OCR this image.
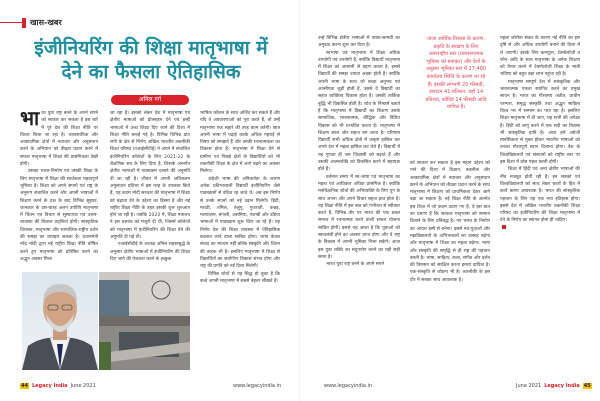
खास-खबर
इंजीनियरिंग की शिक्षा मातृभाषा में
देने का फैसला ऐतिहासिक
अनिल गर्ग
भा रत युवा राष्ट्र बनने के अपने सपने को साकार कर सकता है इस बारे में पूरे देश की शिक्षा नीति पर विचार किया जा रहा है। व्यावसायिक और आकादमिक क्षेत्रों में नवाचार और अनुसंधान करने के अभियान को तीव्रता प्रदान करने में सफल मातृभाषा में शिक्षा की प्रासंगिकता देखी होगी।

उसका भारत-निर्माण एवं उसकी शिक्षा के लिए मातृभाषा में शिक्षा की सार्थकता महत्वपूर्ण भूमिका है। शिक्षा को अपने सपनों एवं राष्ट्र के अनुरूप संचालित करने और अपनी भाषाओं में शिक्षण करने के प्रश्न के बाद विभिन्न सुझाव, जानकार के दस-बारह अलग उपोत्पि मातृभाषा में चिंतन एवं विचार से सुस्थापक एवं उत्तम-व्यवस्था की विशाल प्रवृत्तियां होगी। सांस्कृतिक विरासत, मातृभाषा और सामाजिक-राष्ट्रीय दर्शन की समझ का व्यवहार सकता है। प्रधानमंत्री नरेंद्र मोदी द्वारा नई राष्ट्रीय शिक्षा नीति घोषित करने हुए मातृभाषा को प्रतिष्ठित करने का अद्भुत अवसर मिला

जा रहा है। इसको लेकर देश में मातृभाषा एवं क्षेत्रीय भाषाओं को प्रोत्साहन देने एवं इन्हीं भाषाओं में उच्च शिक्षा दिए जाने की दिशा में शिक्षा नीति बनाई गई है। विभिन्न विभिन्न प्रांत लगी के क्षेत्र से निर्णय अखिल भारतीय तकनीकी शिक्षा परिषद (एआईसीटीई) ने अपने में संचालित इंजीनियरिंग कॉलेजों के लिए 2021-22 के शैक्षणिक सत्र के लिए दिया है, जिसके अन्तर्गत क्षेत्रीय भाषाओं में पाठ्यक्रम चलाने की अनुमति दी जा रही है। जीवन में अपनी अधिकतम अनुसंधान प्रतिभा में इस तरह के उपलब्ध किये हैं, यह कदम मोदी सरकार की मातृभाषा में शिक्षा को बढ़ावा देने के उद्देश्य का हिस्सा है और नई राष्ट्रीय शिक्षा नीति के तहत इसकी शुरू शुरुआत होने जा रही है। जबकि 2020 में, शिक्षा मंत्रालय ने इस प्रस्ताव को मंजूरी दी थी, जिसमें कॉलेजों को मातृभाषा में इंजीनियरिंग की शिक्षा देने की अनुमति दी गई थी।

एआईसीटीई के अध्यक्ष अनिल सहस्त्रबुद्धे के अनुसार क्षेत्रीय भाषाओं में इंजीनियरिंग की शिक्षा दिए जाने की पेशकश करने के इच्छुक

भाषिक कौशल के साथ अर्जित कर सकते हैं और यदि वे अवधारणाओं को पूरा करते हैं, तो उन्हें मातृभाषा एक सहारे की तरह काम करेगी। छात्र अपनी भाषा में पढ़ाई करके अधिक गहराई से विषय को समझते हैं और उनकी रचनात्मकता का विकास होता है। मातृभाषा में शिक्षा देने से ग्रामीण एवं पिछड़े क्षेत्रों के विद्यार्थियों को भी तकनीकी शिक्षा के क्षेत्र में आगे बढ़ने का अवसर मिलेगा।

अंग्रेजी भाषा की अनिवार्यता के कारण अनेक प्रतिभाशाली विद्यार्थी इंजीनियरिंग जैसे पाठ्यक्रमों से वंचित रह जाते थे। अब इस निर्णय से उनके सपनों को नई उड़ान मिलेगी। हिंदी, मराठी, तमिल, तेलुगु, गुजराती, कन्नड़, मलयालम, बंगाली, असमिया, पंजाबी और उड़िया भाषाओं में पाठ्यक्रम शुरू किए जा रहे हैं। यह निर्णय देश की शिक्षा व्यवस्था में ऐतिहासिक बदलाव लाने वाला साबित होगा। भाषा केवल संवाद का माध्यम नहीं बल्कि संस्कृति और चिंतन की वाहक भी है। इसलिए मातृभाषा में शिक्षा से विद्यार्थियों का सर्वांगीण विकास संभव होगा और राष्ट्र की प्रगति को नई दिशा मिलेगी।

विभिन्न शोधों से यह सिद्ध हो चुका है कि बच्चे अपनी मातृभाषा में सबसे बेहतर सीखते हैं।

44 Legacy India June 2021	www.legacyindia.in

उन्हें विभिन्न क्षेत्रीय भाषाओं में पाठ्य-सामग्री का अनुवाद करना शुरू कर दिया है।

स्वभाषा एवं मातृभाषा में शिक्षा अधिक उपयोगी एवं उपयोगी है, क्योंकि विद्यार्थी मातृभाषा में शिक्षा को आसानी से ग्रहण करता है, इससे विद्यार्थी की समझ ज्यादा अच्छा होती है। क्योंकि अपनी भाषा के साथ जो बच्चा अनुभव एवं आत्मीयता जुड़ी होती है, उससे वे विद्यार्थी का सहज व्यक्तित्व विकास होता है। उसकी तार्किक बुद्धि भी विकसित होती है। शोध के निष्कर्ष बताते हैं कि मातृभाषा में विद्यार्थी का शिक्षण उसके सामाजिक, भावनात्मक, बौद्धिक और विविध विकास को भी प्रभावित करता है। मातृभाषा में शिक्षण सरल और सहज बन जाता है। परिणाम विद्यार्थी सभी अधिक क्षेत्रों में उत्कृष्ट हासिल कर अपने देश में महत्व हासिल कर लेते हैं। विद्यार्थी में यह गुणता ही जन जिज्ञासी को बढ़ाते हैं और उसकी आत्मशक्ति को विकसित करने में सहायक होते हैं।

वर्तमान समय में स्व-भाषा एवं मातृभाषा का महत्व एवं आधिकार अधिक प्रासंगिक है। क्योंकि मनोवैज्ञानिक शोधों की अभिव्यक्ति के लिए युग के साथ अपना और अपने विचार सहज ज्ञात होता है। यह शिक्षा नीति में इस बात को गंभीरता से स्वीकार करते हैं, विभिन्न तौर पर भारत की एक प्रबल समाज में रचनात्मक करने वाली सफल योजना साबित होगी। इससे यह आशा है कि युवाओं को स्वावलंबी होने का अवसर प्राप्त होगा और वे राष्ट्र के विकास में अपनी भूमिका निभा सकेंगे। आज इस युवा शक्ति का सदुपयोग करने का यही सही समय है।

भारत युवा राष्ट्र बनने के अपने सपने

ताजा आर्थिक विकास के कारण, प्रकृति के संरक्षण के लिए अंतरराष्ट्रीय स्तर (प्रशासनात्मक भूमिका को बनाकर) और देशों के अनुसार भूमिका स्तर में 27,400 कार्यालय स्थिति के कारण जा रहे हैं। इसकी लगभगी 20 फीसदी, उत्पादन 41 प्रतिशत, यहाँ 14 प्रतिशत, कोविड 14 फीसदी आदि शामिल हैं।

को साकार कर सकता है इस महान उद्देश्य को पाने की दिशा में विज्ञान, तकनीक और आकादमिक क्षेत्रों में नवाचार और अनुसंधान करने के अभियान को तीव्रता प्रदान करने के साथ मातृभाषा में शिक्षण को प्राथमिकता देकर आगे बढ़ा जा सकता है। नई शिक्षा नीति के अंतर्गत इस दिशा में जो कदम उठाए गए हैं, वे इस बात का प्रमाण हैं कि सरकार मातृभाषा को सम्मान दिलाने के लिए प्रतिबद्ध है। नए भारत के निर्माण का आधार इसी से बनेगा। इससे नव-युवाओं और महाविद्यालयों के अभिभावकों का उत्साह बढ़ेगा और मातृभाषा में शिक्षा का महत्व बढ़ेगा। भाषा और संस्कृति की समृद्धि से ही राष्ट्र की पहचान बनती है। भाषा, साहित्य, कला, संगीत और दर्शन की विरासत को संरक्षित करना हमारा दायित्व है। एक-संस्कृति से जोड़ना भी है। तकनीकी के इस दौर में सबका साथ आवश्यक है।

पहला कोरोना संकट के कारण नई नीति का इस दृष्टि से और अधिक उपयोगी बनाने की दिशा में ले जाएगी। इसके लिए कम्प्यूटर, टेक्नोलॉजी व फोन आदि के साथ मातृभाषा के अनेक शिक्षण को तैयार करने में टेक्नोलॉजी शिक्षा के भावी भविष्य को बहुत बड़ा लाभ पहुंचा रही है।

मातृभाषा सम्पूर्ण देश में सांस्कृतिक और भावनात्मक एकता स्थापित करने का प्रमुख साधन है। भारत का गौरवमय अतीत, प्राचीन परम्परा, समृद्ध संस्कृति तथा अद्भुत साहित्य विश्व भर में सम्मान का पात्र रहा है। इसलिए शिक्षा मातृभाषा में दी जाए, यह सभी की अपेक्षा है। हिंदी को लागू करने में एक सदी का विलम्ब भी सांस्कृतिक हानि है। आज हमें अंग्रेजी मानसिकता से मुक्त होकर भारतीय भाषाओं को उनका गौरवपूर्ण स्थान दिलाना होगा। देश के विश्वविद्यालयों एवं संस्थानों को राष्ट्रीय स्तर पर इस दिशा में ठोस पहल करनी होगी।

शिक्षा में हिंदी एवं अन्य क्षेत्रीय भाषाओं की नींव मजबूत होती रही है। इन सबको एवं विश्वविद्यालयों को साथ लेकर छात्रों के हित में कार्य करना आवश्यक है। भारत की सांस्कृतिक पहचान के लिए यह एक नया इतिहास होगा। इससे देश में अखिल भारतीय तकनीकी शिक्षा परिषद का इंजीनियरिंग की शिक्षा मातृभाषा में देने के निर्णय का स्वागत होना ही चाहिए।

www.legacyindia.in	June 2021 Legacy India 45
